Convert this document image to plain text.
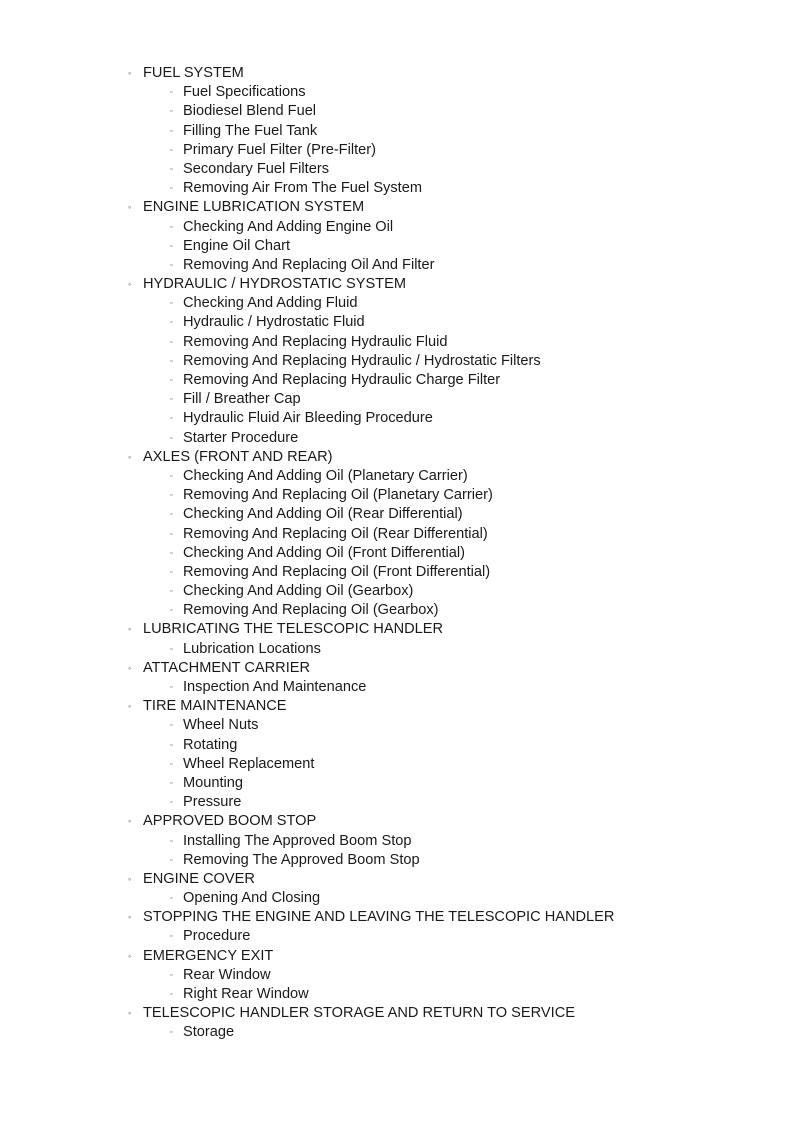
◦ FUEL SYSTEM
▫ Fuel Specifications
▫ Biodiesel Blend Fuel
▫ Filling The Fuel Tank
▫ Primary Fuel Filter (Pre-Filter)
▫ Secondary Fuel Filters
▫ Removing Air From The Fuel System
◦ ENGINE LUBRICATION SYSTEM
▫ Checking And Adding Engine Oil
▫ Engine Oil Chart
▫ Removing And Replacing Oil And Filter
◦ HYDRAULIC / HYDROSTATIC SYSTEM
▫ Checking And Adding Fluid
▫ Hydraulic / Hydrostatic Fluid
▫ Removing And Replacing Hydraulic Fluid
▫ Removing And Replacing Hydraulic / Hydrostatic Filters
▫ Removing And Replacing Hydraulic Charge Filter
▫ Fill / Breather Cap
▫ Hydraulic Fluid Air Bleeding Procedure
▫ Starter Procedure
◦ AXLES (FRONT AND REAR)
▫ Checking And Adding Oil (Planetary Carrier)
▫ Removing And Replacing Oil (Planetary Carrier)
▫ Checking And Adding Oil (Rear Differential)
▫ Removing And Replacing Oil (Rear Differential)
▫ Checking And Adding Oil (Front Differential)
▫ Removing And Replacing Oil (Front Differential)
▫ Checking And Adding Oil (Gearbox)
▫ Removing And Replacing Oil (Gearbox)
◦ LUBRICATING THE TELESCOPIC HANDLER
▫ Lubrication Locations
◦ ATTACHMENT CARRIER
▫ Inspection And Maintenance
◦ TIRE MAINTENANCE
▫ Wheel Nuts
▫ Rotating
▫ Wheel Replacement
▫ Mounting
▫ Pressure
◦ APPROVED BOOM STOP
▫ Installing The Approved Boom Stop
▫ Removing The Approved Boom Stop
◦ ENGINE COVER
▫ Opening And Closing
◦ STOPPING THE ENGINE AND LEAVING THE TELESCOPIC HANDLER
▫ Procedure
◦ EMERGENCY EXIT
▫ Rear Window
▫ Right Rear Window
◦ TELESCOPIC HANDLER STORAGE AND RETURN TO SERVICE
▫ Storage
